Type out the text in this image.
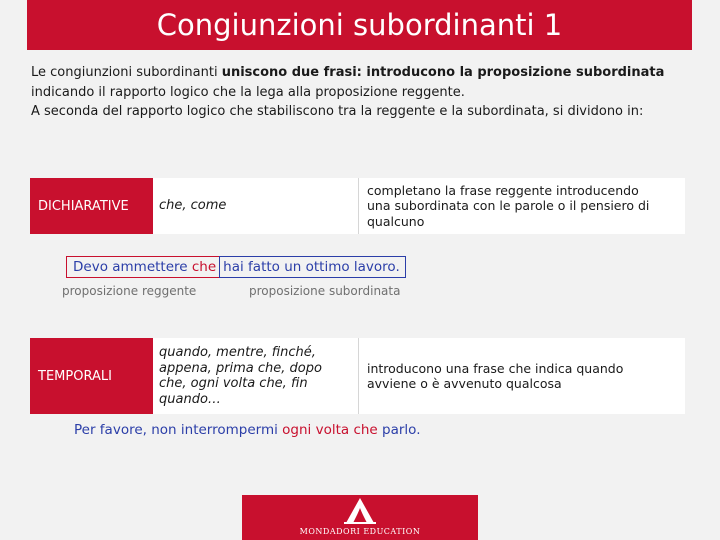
Congiunzioni subordinanti 1

Le congiunzioni subordinanti uniscono due frasi: introducono la proposizione subordinata indicando il rapporto logico che la lega alla proposizione reggente.

A seconda del rapporto logico che stabiliscono tra la reggente e la subordinata, si dividono in:

DICHIARATIVE	che, come
completano la frase reggente introducendo una subordinata con le parole o il pensiero di qualcuno
Devo ammettere chehai fatto un ottimo lavoro.
proposizione reggente	proposizione subordinata
TEMPORALI
quando, mentre, finché, appena, prima che, dopo che, ogni volta che, fin quando…
introducono una frase che indica quando avviene o è avvenuto qualcosa
Per favore, non interrompermi ogni volta che parlo.
MONDADORI EDUCATION
